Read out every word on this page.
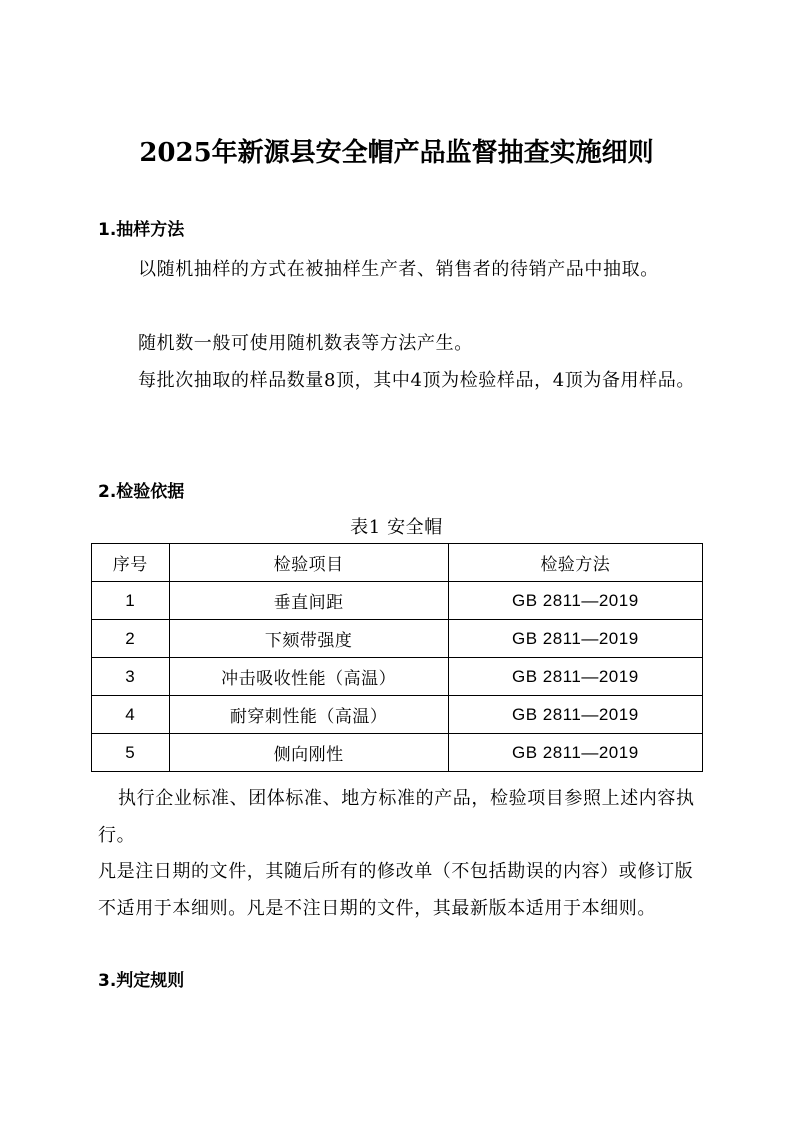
2025年新源县安全帽产品监督抽查实施细则
1.抽样方法

以随机抽样的方式在被抽样生产者、销售者的待销产品中抽取。

随机数一般可使用随机数表等方法产生。

每批次抽取的样品数量8顶，其中4顶为检验样品，4顶为备用样品。

2.检验依据
表1 安全帽
序号	检验项目	检验方法
1	垂直间距	GB 2811—2019
2	下颏带强度	GB 2811—2019
3	冲击吸收性能（高温）	GB 2811—2019
4	耐穿刺性能（高温）	GB 2811—2019
5	侧向刚性	GB 2811—2019

执行企业标准、团体标准、地方标准的产品，检验项目参照上述内容执行。

凡是注日期的文件，其随后所有的修改单（不包括勘误的内容）或修订版不适用于本细则。凡是不注日期的文件，其最新版本适用于本细则。

3.判定规则
